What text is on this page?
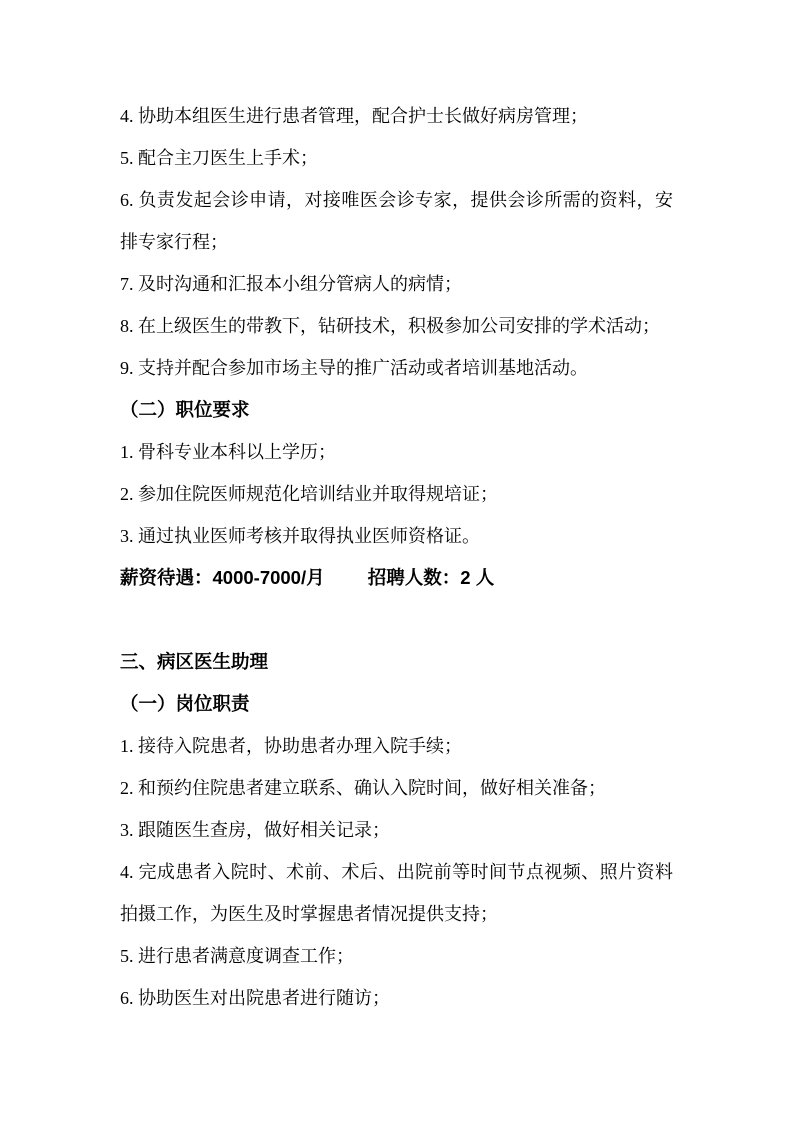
4. 协助本组医生进行患者管理，配合护士长做好病房管理；

5. 配合主刀医生上手术；

6. 负责发起会诊申请，对接唯医会诊专家，提供会诊所需的资料，安排专家行程；

7. 及时沟通和汇报本小组分管病人的病情；

8. 在上级医生的带教下，钻研技术，积极参加公司安排的学术活动；

9. 支持并配合参加市场主导的推广活动或者培训基地活动。

（二）职位要求

1. 骨科专业本科以上学历；

2. 参加住院医师规范化培训结业并取得规培证；

3. 通过执业医师考核并取得执业医师资格证。

薪资待遇：4000-7000/月 招聘人数：2 人

三、病区医生助理
（一）岗位职责

1. 接待入院患者，协助患者办理入院手续；

2. 和预约住院患者建立联系、确认入院时间，做好相关准备；

3. 跟随医生查房，做好相关记录；

4. 完成患者入院时、术前、术后、出院前等时间节点视频、照片资料拍摄工作，为医生及时掌握患者情况提供支持；

5. 进行患者满意度调查工作；

6. 协助医生对出院患者进行随访；
